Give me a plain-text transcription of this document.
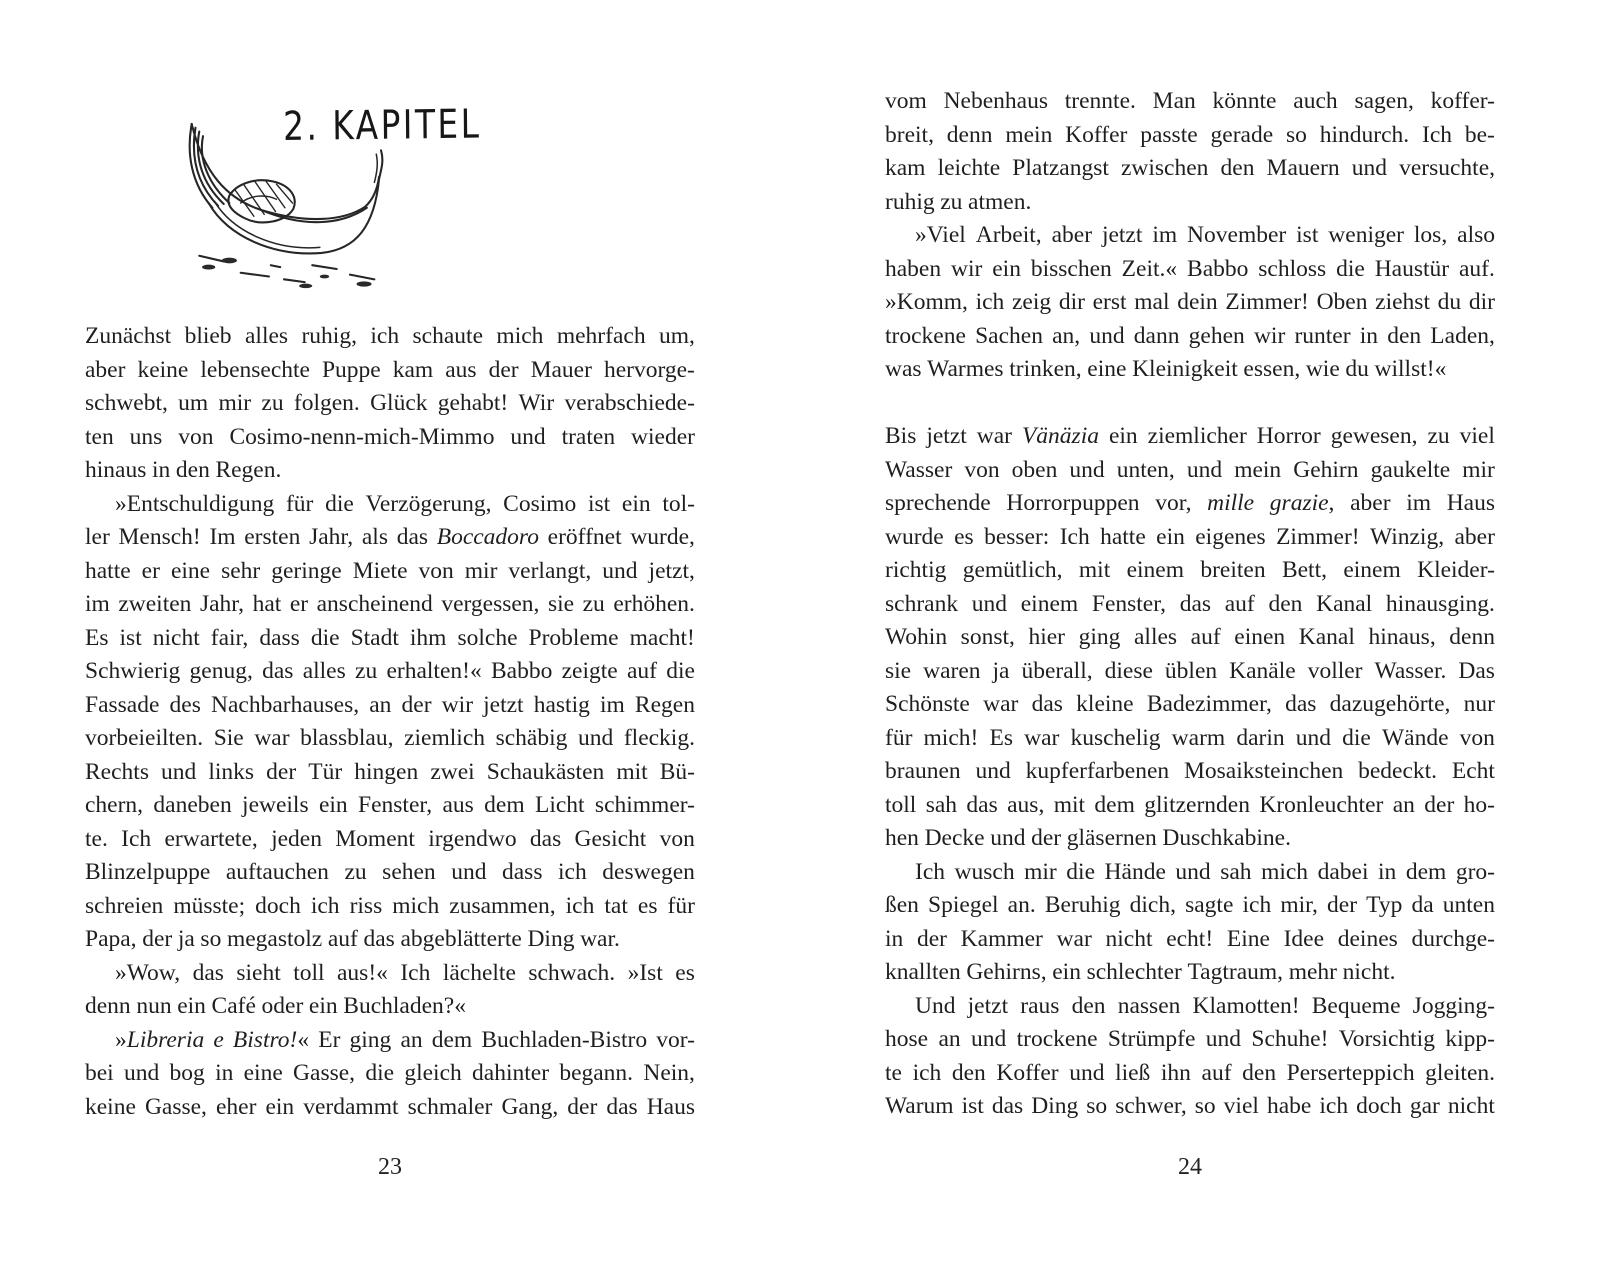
2. KAPITEL
Zunächst blieb alles ruhig, ich schaute mich mehrfach um,
aber keine lebensechte Puppe kam aus der Mauer hervorge-
schwebt, um mir zu folgen. Glück gehabt! Wir verabschiede-
ten uns von Cosimo-nenn-mich-Mimmo und traten wieder
hinaus in den Regen.
»Entschuldigung für die Verzögerung, Cosimo ist ein tol-
ler Mensch! Im ersten Jahr, als das Boccadoro eröffnet wurde,
hatte er eine sehr geringe Miete von mir verlangt, und jetzt,
im zweiten Jahr, hat er anscheinend vergessen, sie zu erhöhen.
Es ist nicht fair, dass die Stadt ihm solche Probleme macht!
Schwierig genug, das alles zu erhalten!« Babbo zeigte auf die
Fassade des Nachbarhauses, an der wir jetzt hastig im Regen
vorbeieilten. Sie war blassblau, ziemlich schäbig und fleckig.
Rechts und links der Tür hingen zwei Schaukästen mit Bü-
chern, daneben jeweils ein Fenster, aus dem Licht schimmer-
te. Ich erwartete, jeden Moment irgendwo das Gesicht von
Blinzelpuppe auftauchen zu sehen und dass ich deswegen
schreien müsste; doch ich riss mich zusammen, ich tat es für
Papa, der ja so megastolz auf das abgeblätterte Ding war.
»Wow, das sieht toll aus!« Ich lächelte schwach. »Ist es
denn nun ein Café oder ein Buchladen?«
»Libreria e Bistro!« Er ging an dem Buchladen-Bistro vor-
bei und bog in eine Gasse, die gleich dahinter begann. Nein,
keine Gasse, eher ein verdammt schmaler Gang, der das Haus
23
vom Nebenhaus trennte. Man könnte auch sagen, koffer-
breit, denn mein Koffer passte gerade so hindurch. Ich be-
kam leichte Platzangst zwischen den Mauern und versuchte,
ruhig zu atmen.
»Viel Arbeit, aber jetzt im November ist weniger los, also
haben wir ein bisschen Zeit.« Babbo schloss die Haustür auf.
»Komm, ich zeig dir erst mal dein Zimmer! Oben ziehst du dir
trockene Sachen an, und dann gehen wir runter in den Laden,
was Warmes trinken, eine Kleinigkeit essen, wie du willst!«
Bis jetzt war Vänäzia ein ziemlicher Horror gewesen, zu viel
Wasser von oben und unten, und mein Gehirn gaukelte mir
sprechende Horrorpuppen vor, mille grazie, aber im Haus
wurde es besser: Ich hatte ein eigenes Zimmer! Winzig, aber
richtig gemütlich, mit einem breiten Bett, einem Kleider-
schrank und einem Fenster, das auf den Kanal hinausging.
Wohin sonst, hier ging alles auf einen Kanal hinaus, denn
sie waren ja überall, diese üblen Kanäle voller Wasser. Das
Schönste war das kleine Badezimmer, das dazugehörte, nur
für mich! Es war kuschelig warm darin und die Wände von
braunen und kupferfarbenen Mosaiksteinchen bedeckt. Echt
toll sah das aus, mit dem glitzernden Kronleuchter an der ho-
hen Decke und der gläsernen Duschkabine.
Ich wusch mir die Hände und sah mich dabei in dem gro-
ßen Spiegel an. Beruhig dich, sagte ich mir, der Typ da unten
in der Kammer war nicht echt! Eine Idee deines durchge-
knallten Gehirns, ein schlechter Tagtraum, mehr nicht.
Und jetzt raus den nassen Klamotten! Bequeme Jogging-
hose an und trockene Strümpfe und Schuhe! Vorsichtig kipp-
te ich den Koffer und ließ ihn auf den Perserteppich gleiten.
Warum ist das Ding so schwer, so viel habe ich doch gar nicht
24
